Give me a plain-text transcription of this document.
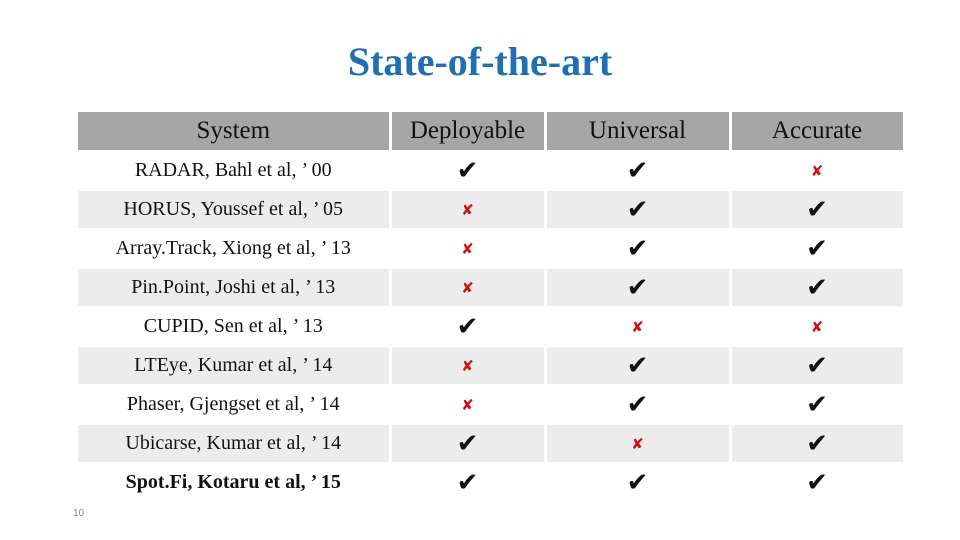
State-of-the-art
System	Deployable	Universal	Accurate
RADAR, Bahl et al, ’ 00	✔	✔	✘
HORUS, Youssef et al, ’ 05	✘	✔	✔
Array.Track, Xiong et al, ’ 13	✘	✔	✔
Pin.Point, Joshi et al, ’ 13	✘	✔	✔
CUPID, Sen et al, ’ 13	✔	✘	✘
LTEye, Kumar et al, ’ 14	✘	✔	✔
Phaser, Gjengset et al, ’ 14	✘	✔	✔
Ubicarse, Kumar et al, ’ 14	✔	✘	✔
Spot.Fi, Kotaru et al, ’ 15	✔	✔	✔
10
